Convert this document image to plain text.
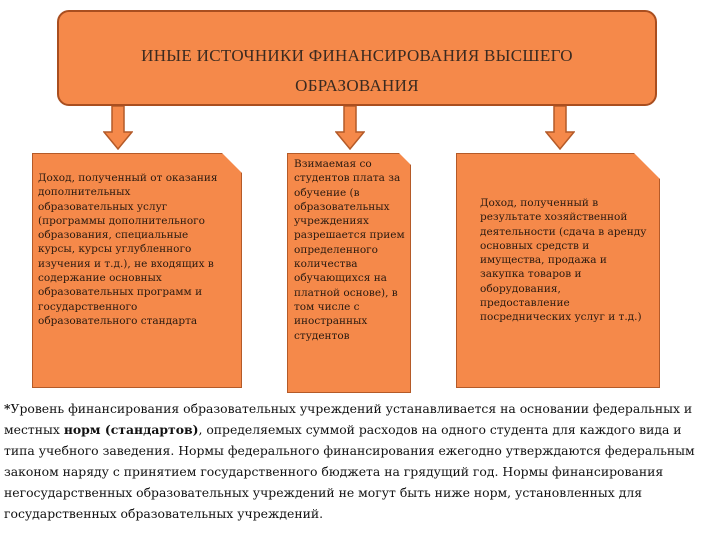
ИНЫЕ ИСТОЧНИКИ ФИНАНСИРОВАНИЯ ВЫСШЕГО
ОБРАЗОВАНИЯ
Доход, полученный от оказания дополнительных образовательных услуг (программы дополнительного образования, специальные курсы, курсы углубленного изучения и т.д.), не входящих в содержание основных образовательных программ и государственного образовательного стандарта
Взимаемая со студентов плата за обучение (в образовательных учреждениях разрешается прием определенного количества обучающихся на платной основе), в том числе с иностранных студентов
Доход, полученный в результате хозяйственной деятельности (сдача в аренду основных средств и имущества, продажа и закупка товаров и оборудования, предоставление посреднических услуг и т.д.)
*Уровень финансирования образовательных учреждений устанавливается на основании федеральных и местных норм (стандартов), определяемых суммой расходов на одного студента для каждого вида и типа учебного заведения. Нормы федерального финансирования ежегодно утверждаются федеральным законом наряду с принятием государственного бюджета на грядущий год. Нормы финансирования негосударственных образовательных учреждений не могут быть ниже норм, установленных для государственных образовательных учреждений.
